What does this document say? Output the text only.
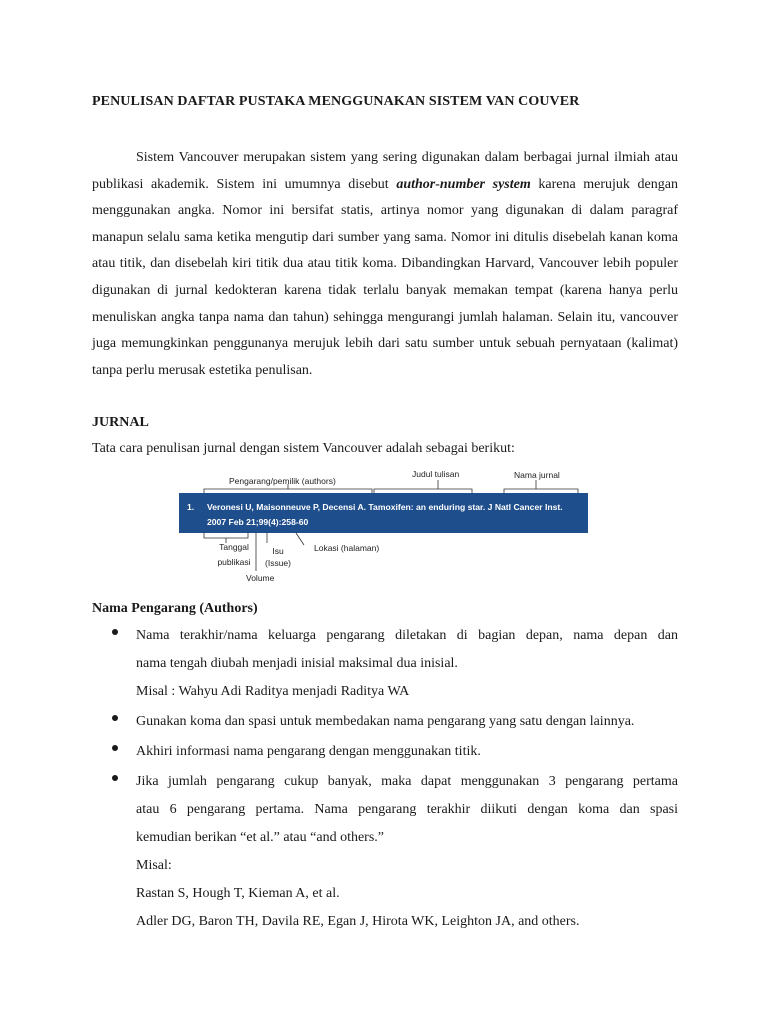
PENULISAN DAFTAR PUSTAKA MENGGUNAKAN SISTEM VAN COUVER

Sistem Vancouver merupakan sistem yang sering digunakan dalam berbagai jurnal ilmiah atau publikasi akademik. Sistem ini umumnya disebut author-number system karena merujuk dengan menggunakan angka. Nomor ini bersifat statis, artinya nomor yang digunakan di dalam paragraf manapun selalu sama ketika mengutip dari sumber yang sama. Nomor ini ditulis disebelah kanan koma atau titik, dan disebelah kiri titik dua atau titik koma. Dibandingkan Harvard, Vancouver lebih populer digunakan di jurnal kedokteran karena tidak terlalu banyak memakan tempat (karena hanya perlu menuliskan angka tanpa nama dan tahun) sehingga mengurangi jumlah halaman. Selain itu, vancouver juga memungkinkan penggunanya merujuk lebih dari satu sumber untuk sebuah pernyataan (kalimat) tanpa perlu merusak estetika penulisan.

JURNAL
Tata cara penulisan jurnal dengan sistem Vancouver adalah sebagai berikut:
1. Veronesi U, Maisonneuve P, Decensi A. Tamoxifen: an enduring star. J Natl Cancer Inst.
2007 Feb 21;99(4):258-60
Pengarang/pemilik (authors)
Judul tulisan	Nama jurnal
Tanggal publikasi
Isu (Issue)
Volume
Lokasi (halaman)
Nama Pengarang (Authors)
Nama terakhir/nama keluarga pengarang diletakan di bagian depan, nama depan dan
nama tengah diubah menjadi inisial maksimal dua inisial.
Misal : Wahyu Adi Raditya menjadi Raditya WA
Gunakan koma dan spasi untuk membedakan nama pengarang yang satu dengan lainnya.
Akhiri informasi nama pengarang dengan menggunakan titik.
Jika jumlah pengarang cukup banyak, maka dapat menggunakan 3 pengarang pertama
atau 6 pengarang pertama. Nama pengarang terakhir diikuti dengan koma dan spasi
kemudian berikan “et al.” atau “and others.”
Misal:
Rastan S, Hough T, Kieman A, et al.
Adler DG, Baron TH, Davila RE, Egan J, Hirota WK, Leighton JA, and others.
